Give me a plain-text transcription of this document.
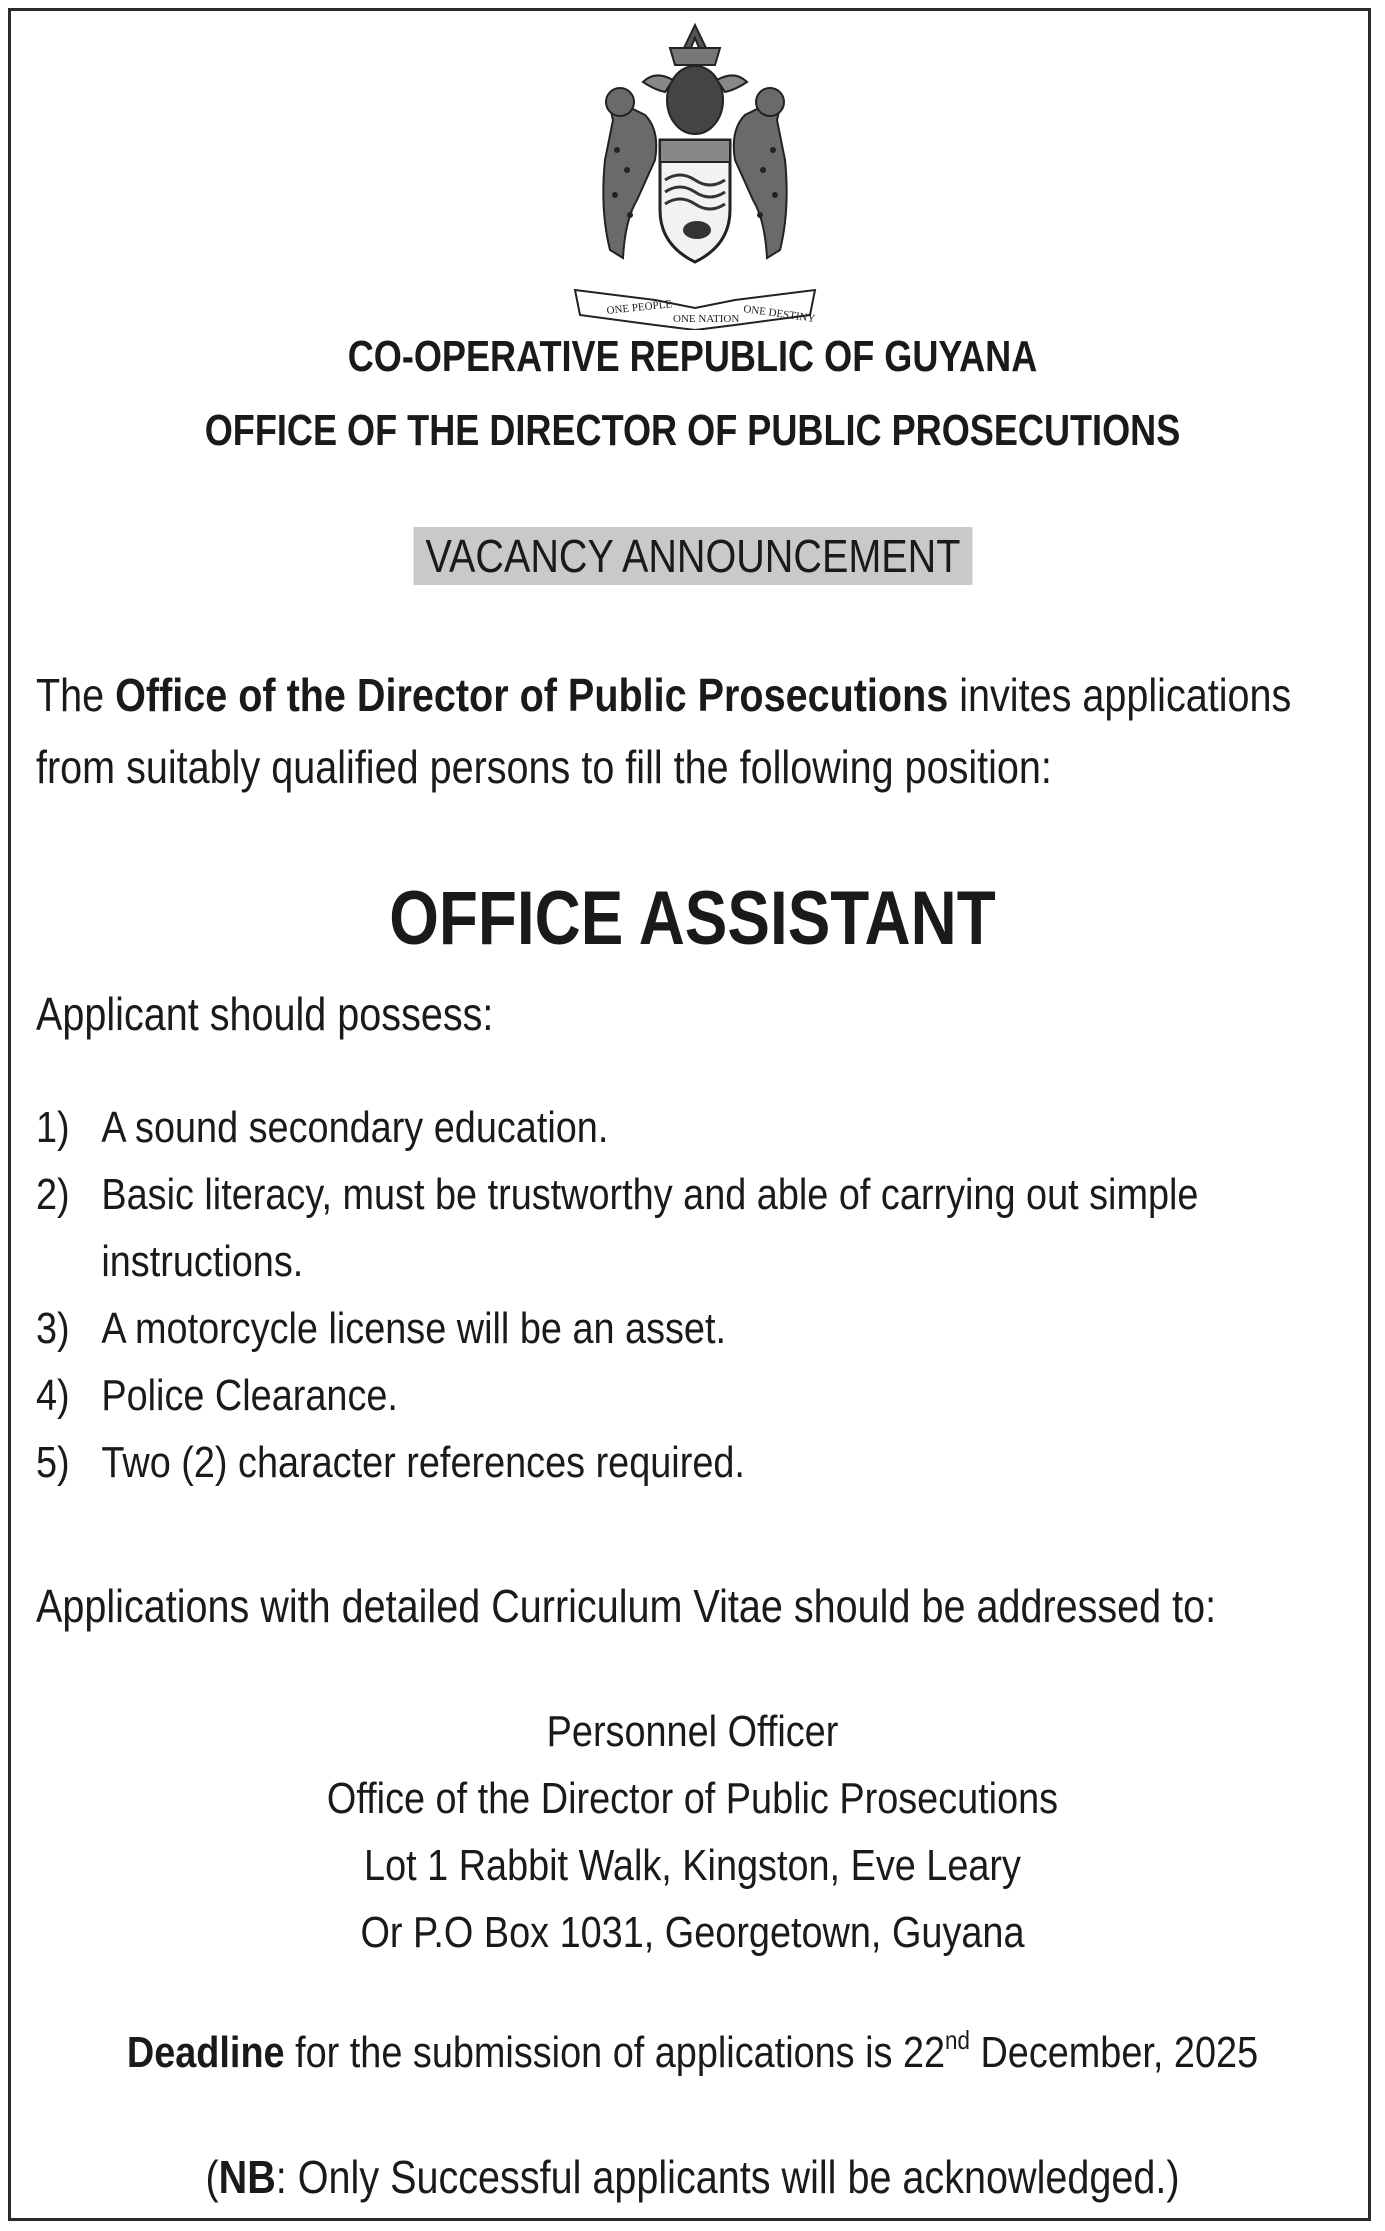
ONE PEOPLE
ONE NATION ONE DESTINY
CO-OPERATIVE REPUBLIC OF GUYANA
OFFICE OF THE DIRECTOR OF PUBLIC PROSECUTIONS
VACANCY ANNOUNCEMENT
The Office of the Director of Public Prosecutions invites applications
from suitably qualified persons to fill the following position:
OFFICE ASSISTANT
Applicant should possess:
1) A sound secondary education.
2) Basic literacy, must be trustworthy and able of carrying out simple
instructions.
3) A motorcycle license will be an asset.
4) Police Clearance.
5) Two (2) character references required.
Applications with detailed Curriculum Vitae should be addressed to:
Personnel Officer
Office of the Director of Public Prosecutions
Lot 1 Rabbit Walk, Kingston, Eve Leary
Or P.O Box 1031, Georgetown, Guyana
Deadline for the submission of applications is 22nd December, 2025
(NB: Only Successful applicants will be acknowledged.)
